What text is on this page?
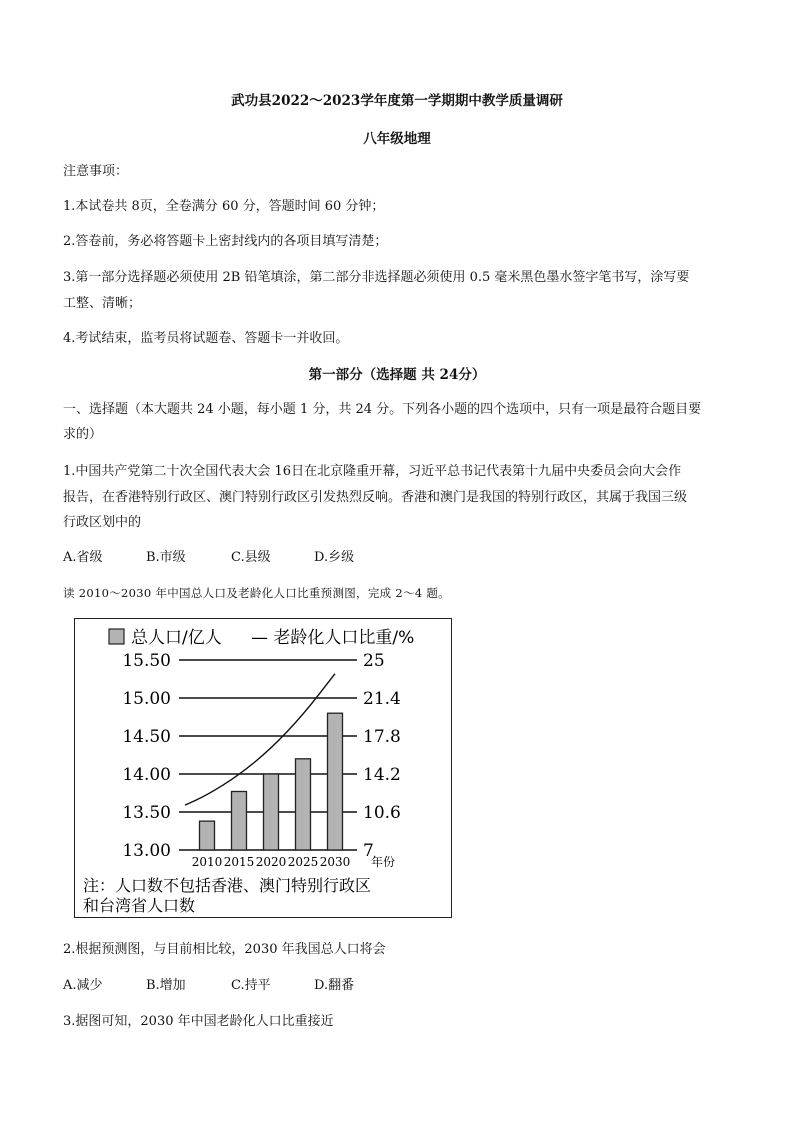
武功县2022～2023学年度第一学期期中教学质量调研
八年级地理
注意事项：
1.本试卷共 8页，全卷满分 60 分，答题时间 60 分钟；
2.答卷前，务必将答题卡上密封线内的各项目填写清楚；
3.第一部分选择题必须使用 2B 铅笔填涂，第二部分非选择题必须使用 0.5 毫米黑色墨水签字笔书写，涂写要
工整、清晰；
4.考试结束，监考员将试题卷、答题卡一并收回。
第一部分（选择题 共 24分）
一、选择题（本大题共 24 小题，每小题 1 分，共 24 分。下列各小题的四个选项中，只有一项是最符合题目要
求的）
1.中国共产党第二十次全国代表大会 16日在北京隆重开幕，习近平总书记代表第十九届中央委员会向大会作
报告，在香港特别行政区、澳门特别行政区引发热烈反响。香港和澳门是我国的特别行政区，其属于我国三级
行政区划中的
A.省级	B.市级	C.县级	D.乡级
读 2010～2030 年中国总人口及老龄化人口比重预测图，完成 2～4 题。
总人口/亿人 — 老龄化人口比重/%
13.00
13.50
14.00
14.50
15.00
15.50
7
10.6
14.2
17.8
21.4
25
2010 2015 2020 2025 2030 年份
注：人口数不包括香港、澳门特别行政区
和台湾省人口数
2.根据预测图，与目前相比较，2030 年我国总人口将会
A.减少	B.增加	C.持平	D.翻番
3.据图可知，2030 年中国老龄化人口比重接近
